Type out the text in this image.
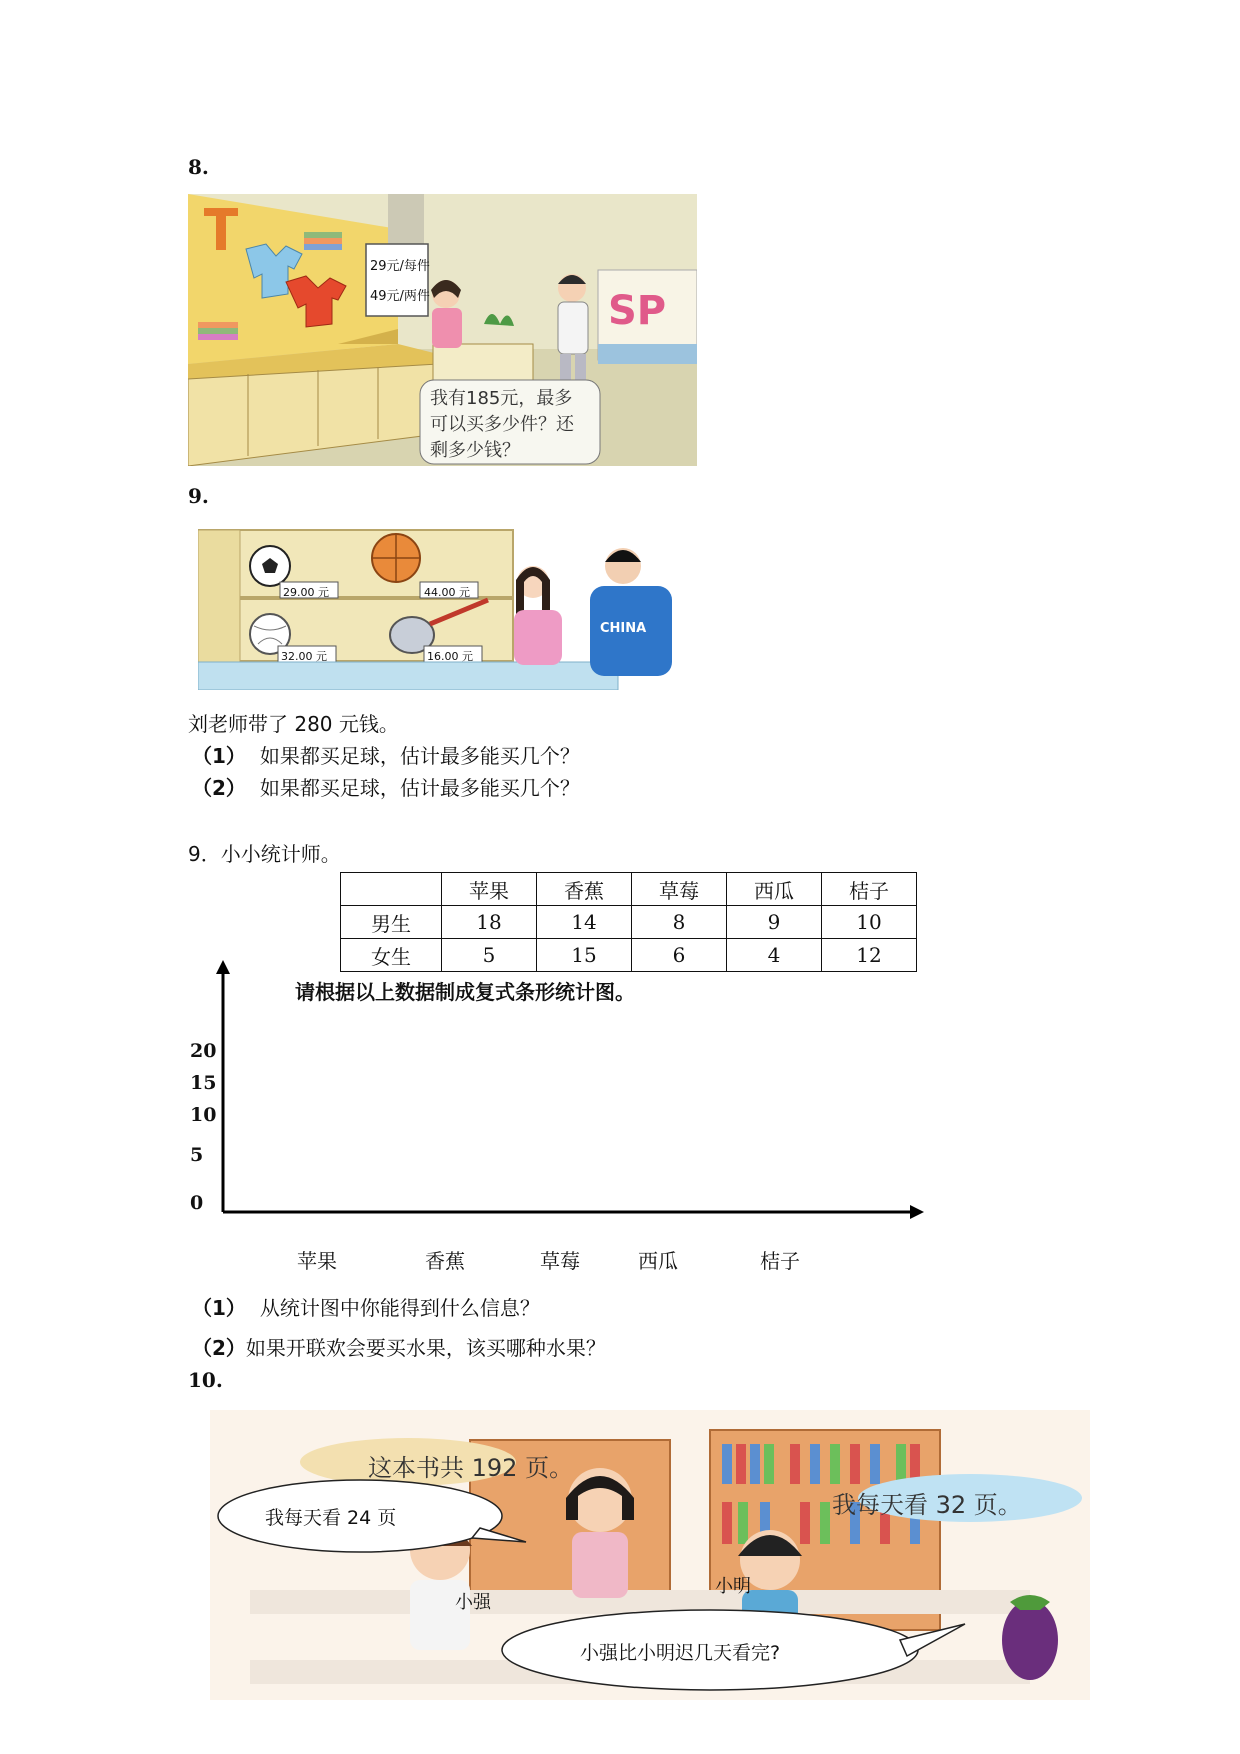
8.
SP
29元/每件
49元/两件
我有185元，最多
可以买多少件？还
剩多少钱？
9.
CHINA
29.00 元	44.00 元
32.00 元	16.00 元
刘老师带了 280 元钱。
（1） 如果都买足球，估计最多能买几个？
（2） 如果都买足球，估计最多能买几个？
9．小小统计师。
	苹果	香蕉	草莓	西瓜	桔子
男生	18	14	8	9	10
女生	5	15	6	4	12
请根据以上数据制成复式条形统计图。
20
15
10
5
0
苹果	香蕉	草莓	西瓜	桔子
（1） 从统计图中你能得到什么信息？
（2）如果开联欢会要买水果，该买哪种水果？
10.
这本书共 192 页。
我每天看 24 页	我每天看 32 页。
小强
小明
小强比小明迟几天看完?
